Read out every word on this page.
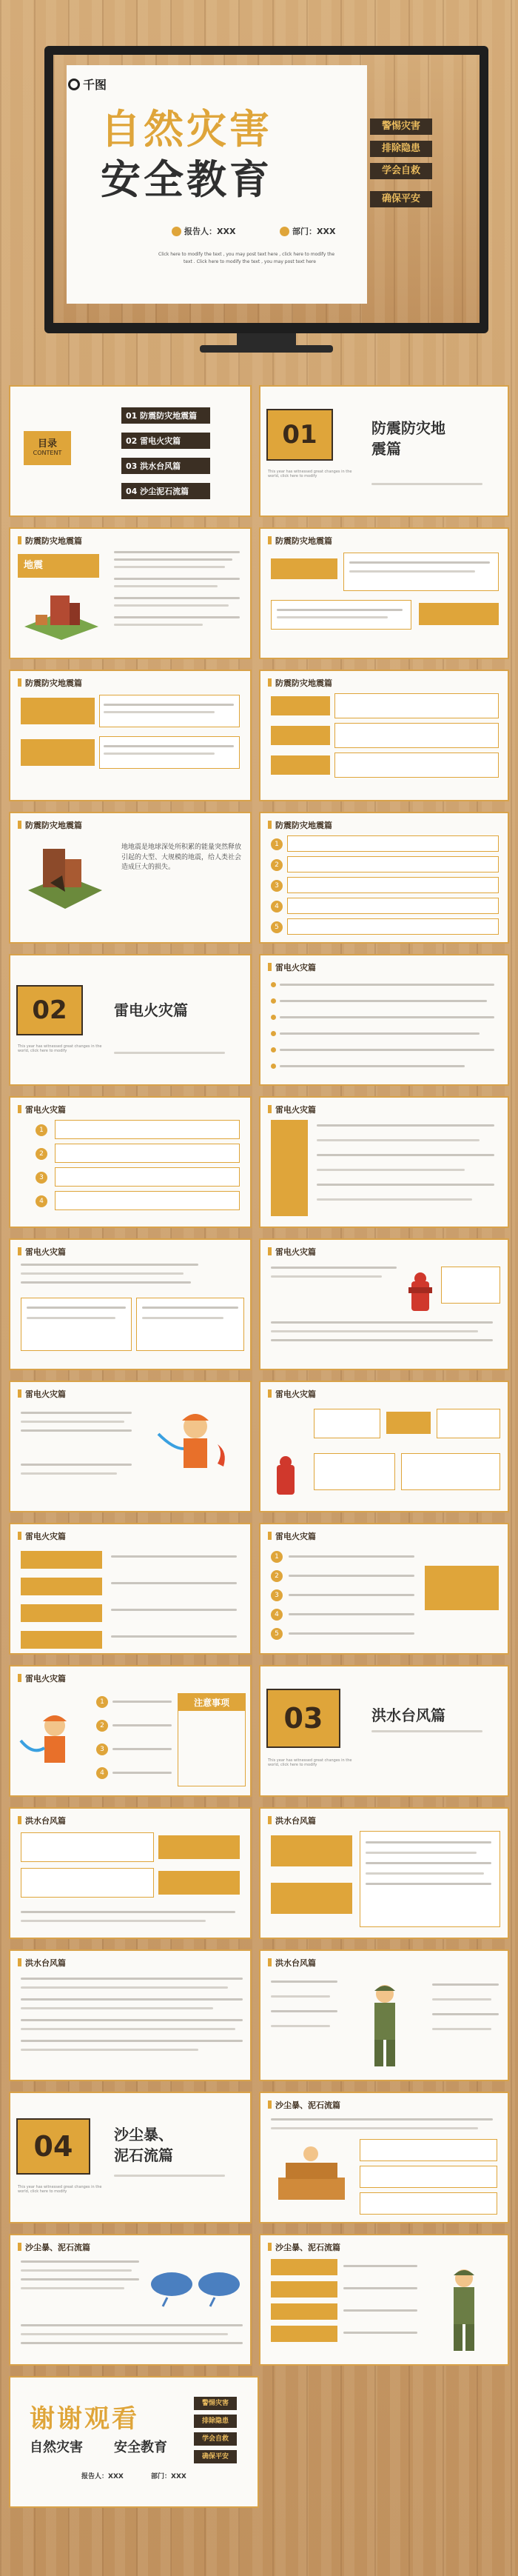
千图
自然灾害
安全教育
报告人：XXX	部门：XXX
Click here to modify the text , you may post text here , click here to modify the
text . Click here to modify the text , you may post text here
警惕灾害
排除隐患
学会自救
确保平安
目录
CONTENT
01 防震防灾地震篇
02 雷电火灾篇
03 洪水台风篇
04 沙尘泥石流篇
01	防震防灾地
震篇
This year has witnessed great changes in the world, click here to modify
防震防灾地震篇
地震
防震防灾地震篇
防震防灾地震篇	防震防灾地震篇
防震防灾地震篇
地地震是地球深处所积累的能量突然释放引起的大型、大规模的地震，给人类社会造成巨大的损失。
防震防灾地震篇
1
2
3
4
5
02	雷电火灾篇
This year has witnessed great changes in the world, click here to modify
雷电火灾篇
雷电火灾篇
1
2
3
4
雷电火灾篇
雷电火灾篇	雷电火灾篇
雷电火灾篇	雷电火灾篇
雷电火灾篇	雷电火灾篇
1
2
3
4
5
雷电火灾篇
1
2
3
4
注意事项	03	洪水台风篇
This year has witnessed great changes in the world, click here to modify
洪水台风篇	洪水台风篇
洪水台风篇	洪水台风篇
04	沙尘暴、
泥石流篇
This year has witnessed great changes in the world, click here to modify
沙尘暴、泥石流篇
沙尘暴、泥石流篇	沙尘暴、泥石流篇
谢谢观看
自然灾害 安全教育
报告人：XXX	部门：XXX
警惕灾害
排除隐患
学会自救
确保平安
